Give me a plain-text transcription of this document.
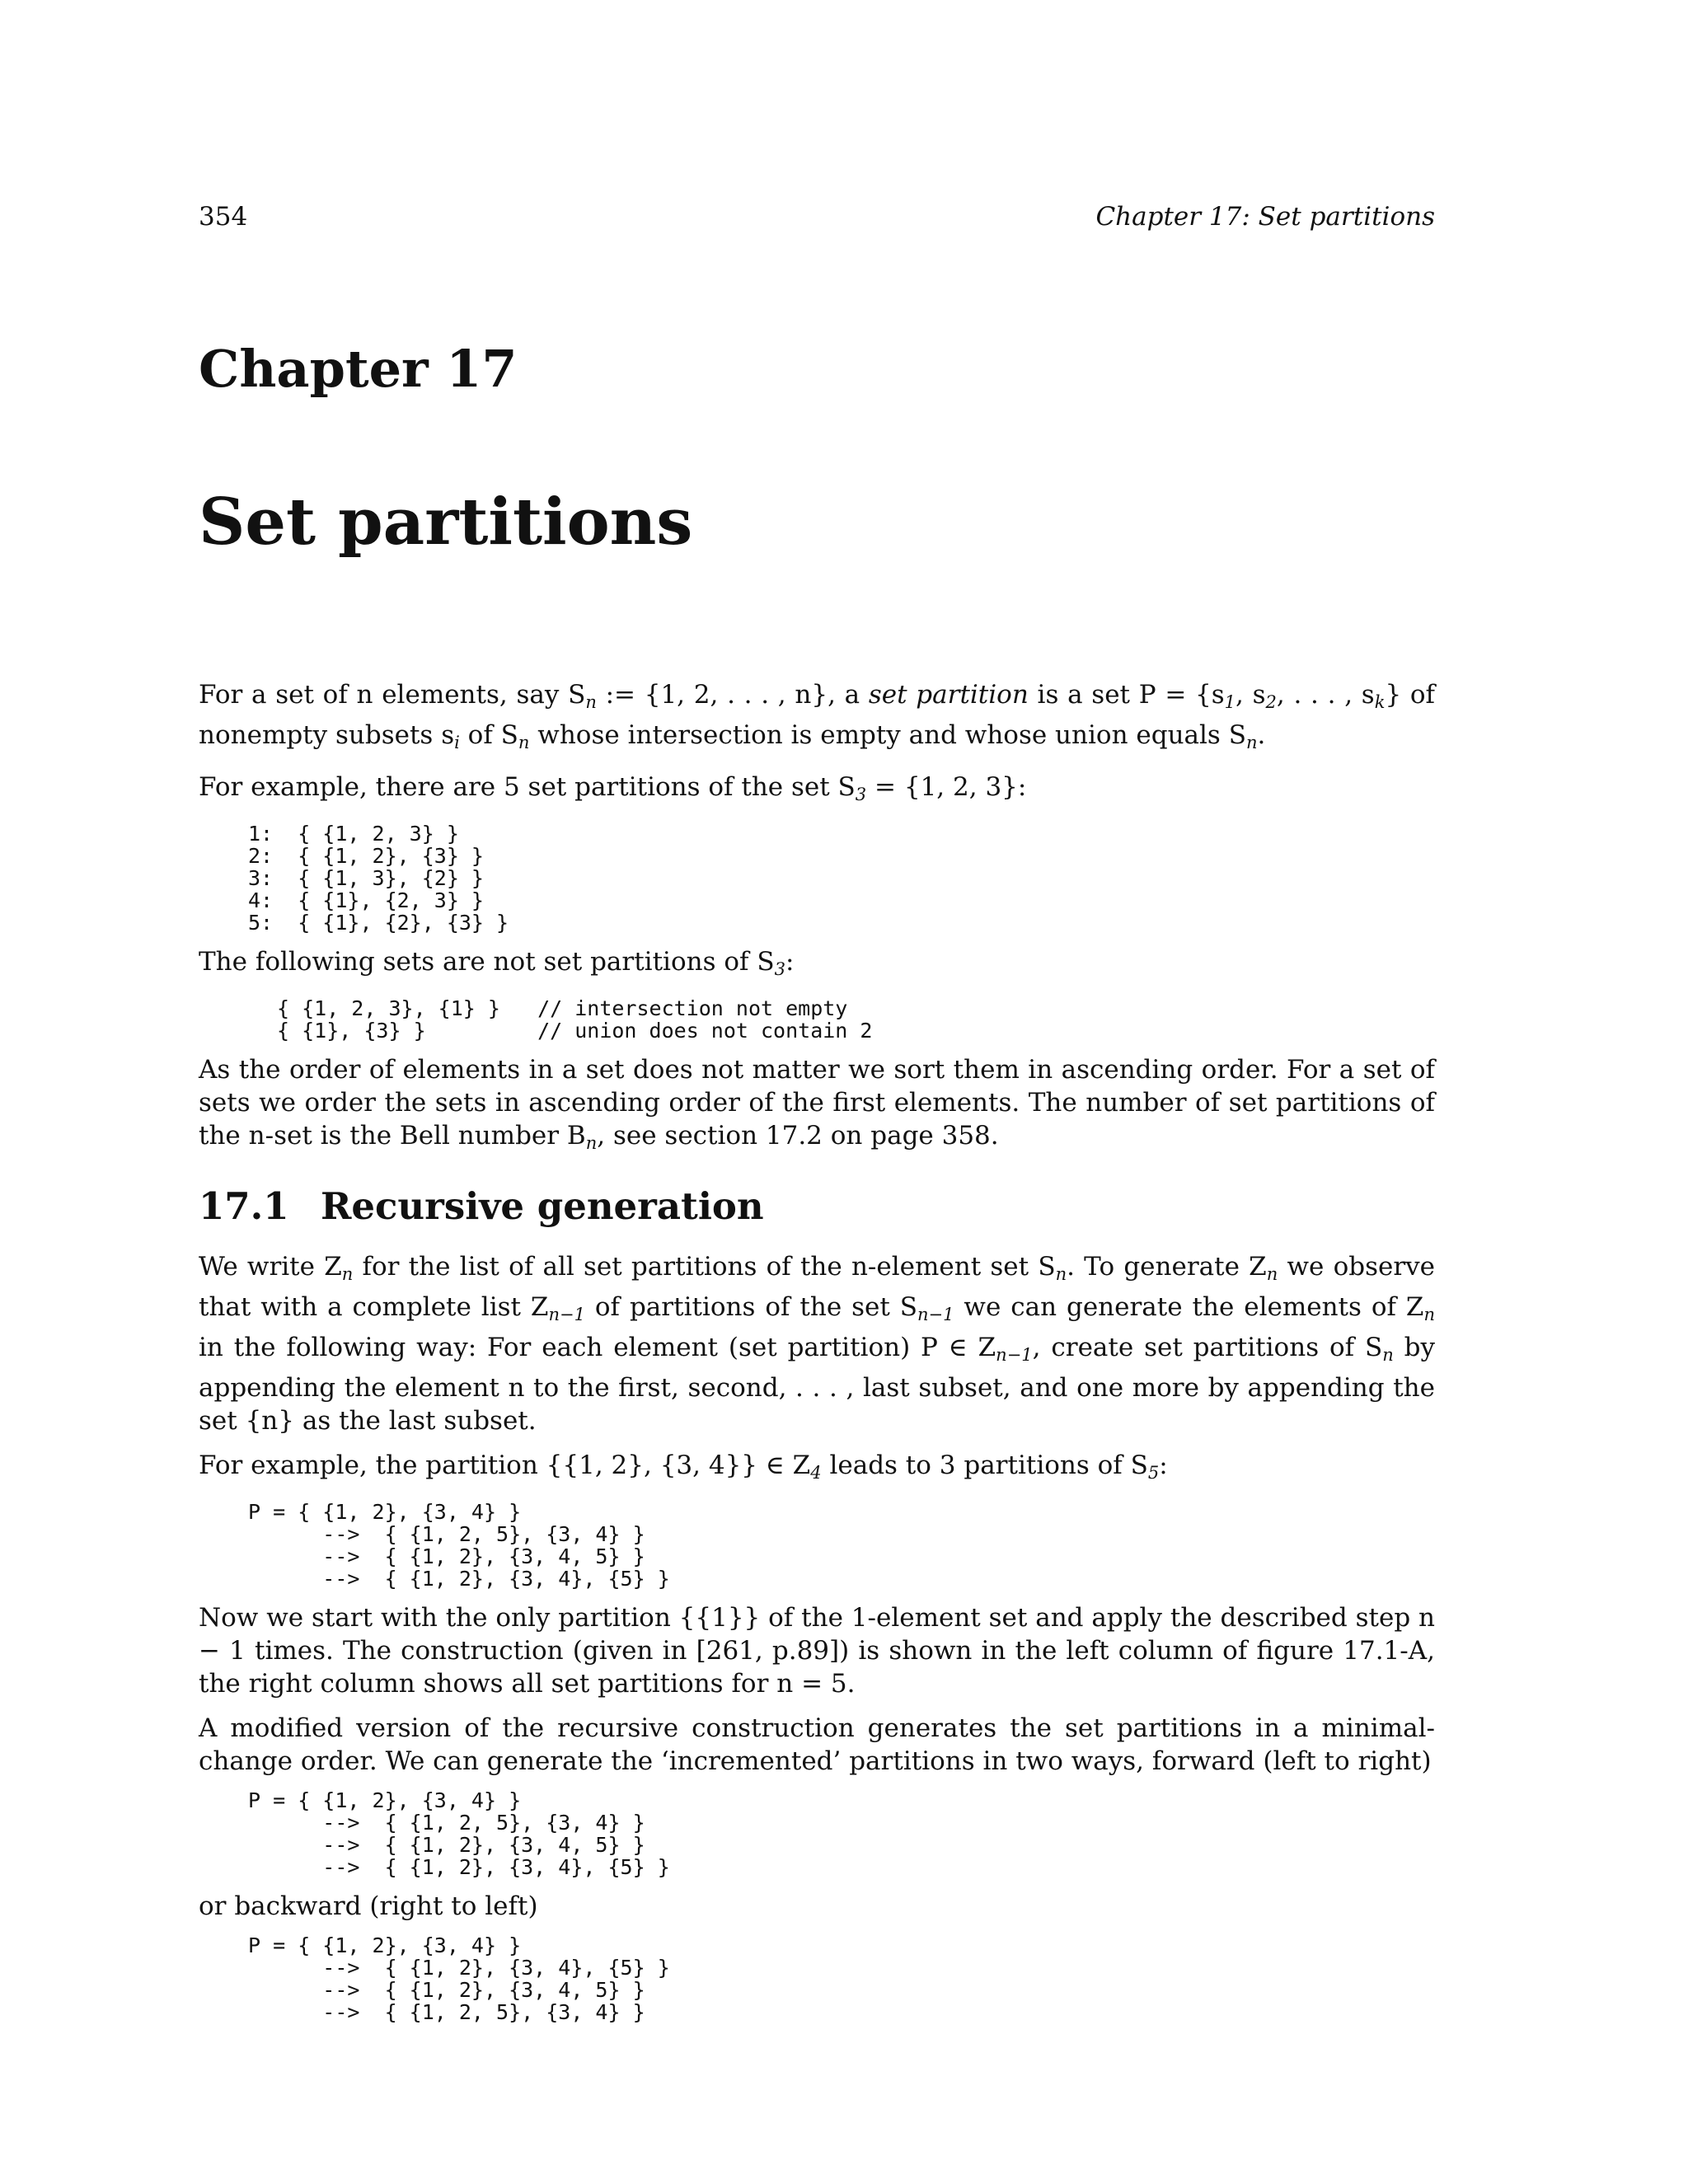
354	Chapter 17: Set partitions
Chapter 17
Set partitions

For a set of n elements, say $S_n$ := {1, 2, . . . , n}, a set partition is a set $P = \{s_1$, $s_2$, . . . , $s_k$} of nonempty subsets $s_i$ of $S_n$ whose intersection is empty and whose union equals $S_n$.

For example, there are 5 set partitions of the set $S_3 = \{1$, 2, 3}:

1:  { {1, 2, 3} }
2:  { {1, 2}, {3} }
3:  { {1, 3}, {2} }
4:  { {1}, {2, 3} }
5:  { {1}, {2}, {3} }

The following sets are not set partitions of $S_3$:

{ {1, 2, 3}, {1} }   // intersection not empty
{ {1}, {3} }         // union does not contain 2

As the order of elements in a set does not matter we sort them in ascending order. For a set of sets we order the sets in ascending order of the first elements. The number of set partitions of the n-set is the Bell number $B_n$, see section 17.2 on page 358.

17.1 Recursive generation

We write $Z_n$ for the list of all set partitions of the n-element set $S_n$. To generate $Z_n$ we observe that with a complete list $Z_{n-1}$ of partitions of the set $S_{n-1}$ we can generate the elements of $Z_n$ in the following way: For each element (set partition) P ∈ $Z_{n-1}$, create set partitions of $S_n$ by appending the element n to the first, second, . . . , last subset, and one more by appending the set {n} as the last subset.

For example, the partition {{1, 2}, {3, 4}} ∈ $Z_4$ leads to 3 partitions of $S_5$:

P = { {1, 2}, {3, 4} }
-->  { {1, 2, 5}, {3, 4} }
-->  { {1, 2}, {3, 4, 5} }
-->  { {1, 2}, {3, 4}, {5} }

Now we start with the only partition {{1}} of the 1-element set and apply the described step n − 1 times. The construction (given in [261, p.89]) is shown in the left column of figure 17.1-A, the right column shows all set partitions for n = 5.

A modified version of the recursive construction generates the set partitions in a minimal-change order. We can generate the ‘incremented’ partitions in two ways, forward (left to right)

P = { {1, 2}, {3, 4} }
-->  { {1, 2, 5}, {3, 4} }
-->  { {1, 2}, {3, 4, 5} }
-->  { {1, 2}, {3, 4}, {5} }

or backward (right to left)

P = { {1, 2}, {3, 4} }
-->  { {1, 2}, {3, 4}, {5} }
-->  { {1, 2}, {3, 4, 5} }
-->  { {1, 2, 5}, {3, 4} }
